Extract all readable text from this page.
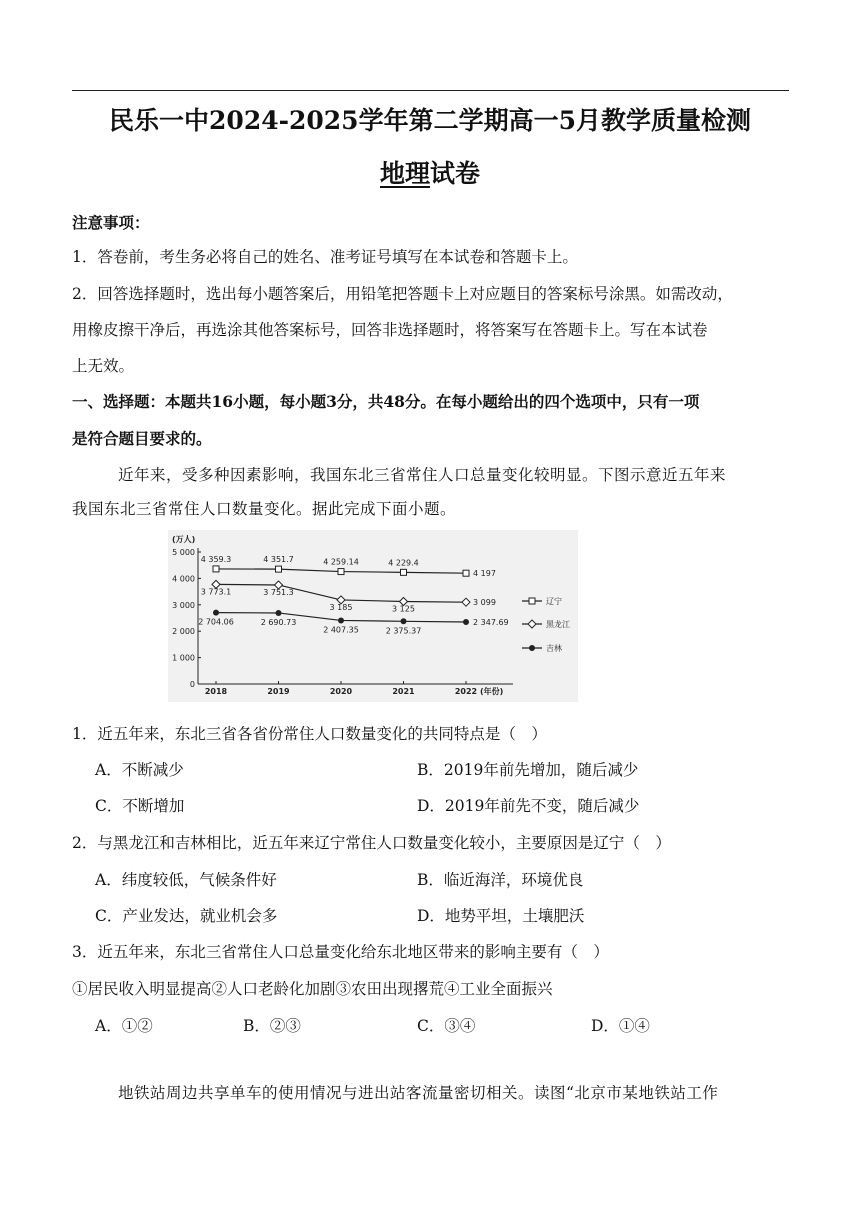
民乐一中2024-2025学年第二学期高一5月教学质量检测
地理试卷
注意事项：
1．答卷前，考生务必将自己的姓名、准考证号填写在本试卷和答题卡上。
2．回答选择题时，选出每小题答案后，用铅笔把答题卡上对应题目的答案标号涂黑。如需改动，
用橡皮擦干净后，再选涂其他答案标号，回答非选择题时，将答案写在答题卡上。写在本试卷
上无效。
一、选择题：本题共16小题，每小题3分，共48分。在每小题给出的四个选项中，只有一项
是符合题目要求的。
近年来，受多种因素影响，我国东北三省常住人口总量变化较明显。下图示意近五年来
我国东北三省常住人口数量变化。据此完成下面小题。
(万人)
0
1 000
2 000
3 000
4 000
5 000
2018	2019	2020	2021	2022 (年份)
4 359.3	4 351.7	4 259.14	4 229.4
4 197
3 773.1	3 751.3
3 185	3 125
3 099
2 704.06	2 690.73
2 407.35	2 375.37
2 347.69
辽宁
黑龙江
吉林
1．近五年来，东北三省各省份常住人口数量变化的共同特点是（　）
A．不断减少	B．2019年前先增加，随后减少
C．不断增加	D．2019年前先不变，随后减少
2．与黑龙江和吉林相比，近五年来辽宁常住人口数量变化较小，主要原因是辽宁（　）
A．纬度较低，气候条件好	B．临近海洋，环境优良
C．产业发达，就业机会多	D．地势平坦，土壤肥沃
3．近五年来，东北三省常住人口总量变化给东北地区带来的影响主要有（　）
①居民收入明显提高②人口老龄化加剧③农田出现撂荒④工业全面振兴
A．①②	B．②③	C．③④	D．①④
地铁站周边共享单车的使用情况与进出站客流量密切相关。读图“北京市某地铁站工作
